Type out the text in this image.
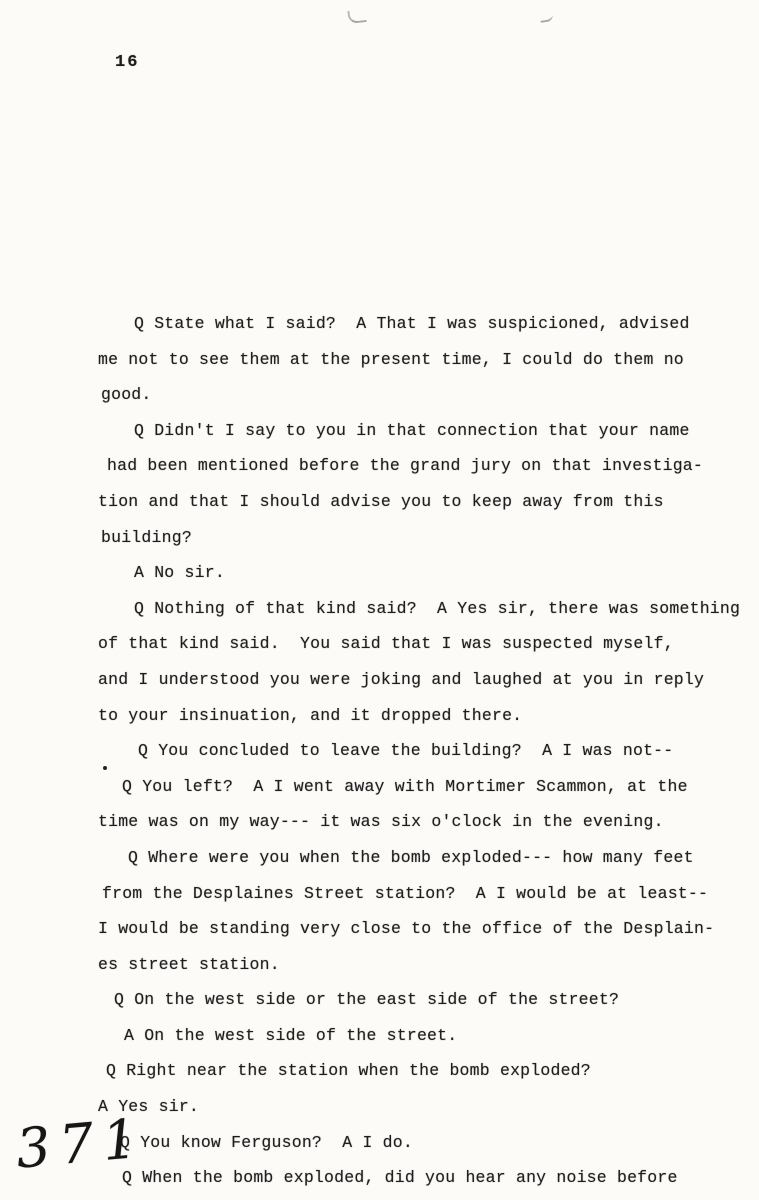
16
Q State what I said?  A That I was suspicioned, advised
me not to see them at the present time, I could do them no
good.
Q Didn't I say to you in that connection that your name
had been mentioned before the grand jury on that investiga-
tion and that I should advise you to keep away from this
building?
A No sir.
Q Nothing of that kind said?  A Yes sir, there was something
of that kind said.  You said that I was suspected myself,
and I understood you were joking and laughed at you in reply
to your insinuation, and it dropped there.
Q You concluded to leave the building?  A I was not--
Q You left?  A I went away with Mortimer Scammon, at the
time was on my way--- it was six o'clock in the evening.
Q Where were you when the bomb exploded--- how many feet
from the Desplaines Street station?  A I would be at least--
I would be standing very close to the office of the Desplain-
es street station.
Q On the west side or the east side of the street?
A On the west side of the street.
Q Right near the station when the bomb exploded?
A Yes sir.
Q You know Ferguson?  A I do.
Q When the bomb exploded, did you hear any noise before
371
